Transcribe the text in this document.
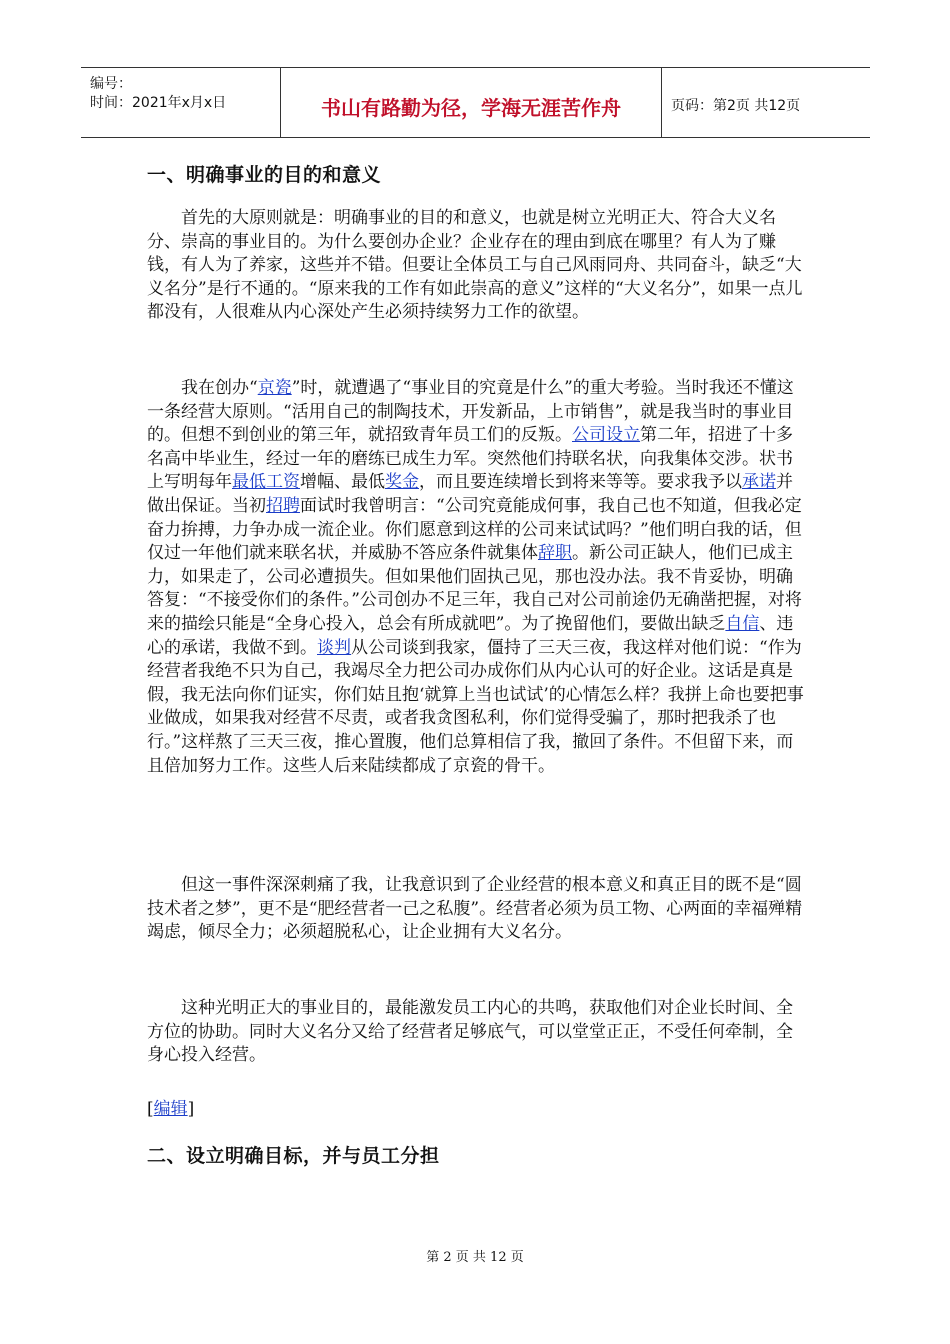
编号：
时间：2021年x月x日	书山有路勤为径，学海无涯苦作舟	页码：第2页 共12页
一、明确事业的目的和意义

首先的大原则就是：明确事业的目的和意义，也就是树立光明正大、符合大义名分、崇高的事业目的。为什么要创办企业？企业存在的理由到底在哪里？有人为了赚钱，有人为了养家，这些并不错。但要让全体员工与自己风雨同舟、共同奋斗，缺乏“大义名分”是行不通的。“原来我的工作有如此崇高的意义”这样的“大义名分”，如果一点儿都没有，人很难从内心深处产生必须持续努力工作的欲望。

我在创办“京瓷”时，就遭遇了“事业目的究竟是什么”的重大考验。当时我还不懂这一条经营大原则。“活用自己的制陶技术，开发新品，上市销售”，就是我当时的事业目的。但想不到创业的第三年，就招致青年员工们的反叛。公司设立第二年，招进了十多名高中毕业生，经过一年的磨练已成生力军。突然他们持联名状，向我集体交涉。状书上写明每年最低工资增幅、最低奖金，而且要连续增长到将来等等。要求我予以承诺并做出保证。当初招聘面试时我曾明言：“公司究竟能成何事，我自己也不知道，但我必定奋力拚搏，力争办成一流企业。你们愿意到这样的公司来试试吗？”他们明白我的话，但仅过一年他们就来联名状，并威胁不答应条件就集体辞职。新公司正缺人，他们已成主力，如果走了，公司必遭损失。但如果他们固执己见，那也没办法。我不肯妥协，明确答复：“不接受你们的条件。”公司创办不足三年，我自己对公司前途仍无确凿把握，对将来的描绘只能是“全身心投入，总会有所成就吧”。为了挽留他们，要做出缺乏自信、违心的承诺，我做不到。谈判从公司谈到我家，僵持了三天三夜，我这样对他们说：“作为经营者我绝不只为自己，我竭尽全力把公司办成你们从内心认可的好企业。这话是真是假，我无法向你们证实，你们姑且抱‘就算上当也试试’的心情怎么样？我拼上命也要把事业做成，如果我对经营不尽责，或者我贪图私利，你们觉得受骗了，那时把我杀了也行。”这样熬了三天三夜，推心置腹，他们总算相信了我，撤回了条件。不但留下来，而且倍加努力工作。这些人后来陆续都成了京瓷的骨干。

但这一事件深深刺痛了我，让我意识到了企业经营的根本意义和真正目的既不是“圆技术者之梦”，更不是“肥经营者一己之私腹”。经营者必须为员工物、心两面的幸福殚精竭虑，倾尽全力；必须超脱私心，让企业拥有大义名分。

这种光明正大的事业目的，最能激发员工内心的共鸣，获取他们对企业长时间、全方位的协助。同时大义名分又给了经营者足够底气，可以堂堂正正，不受任何牵制，全身心投入经营。

[编辑]
二、设立明确目标，并与员工分担
第 2 页 共 12 页
